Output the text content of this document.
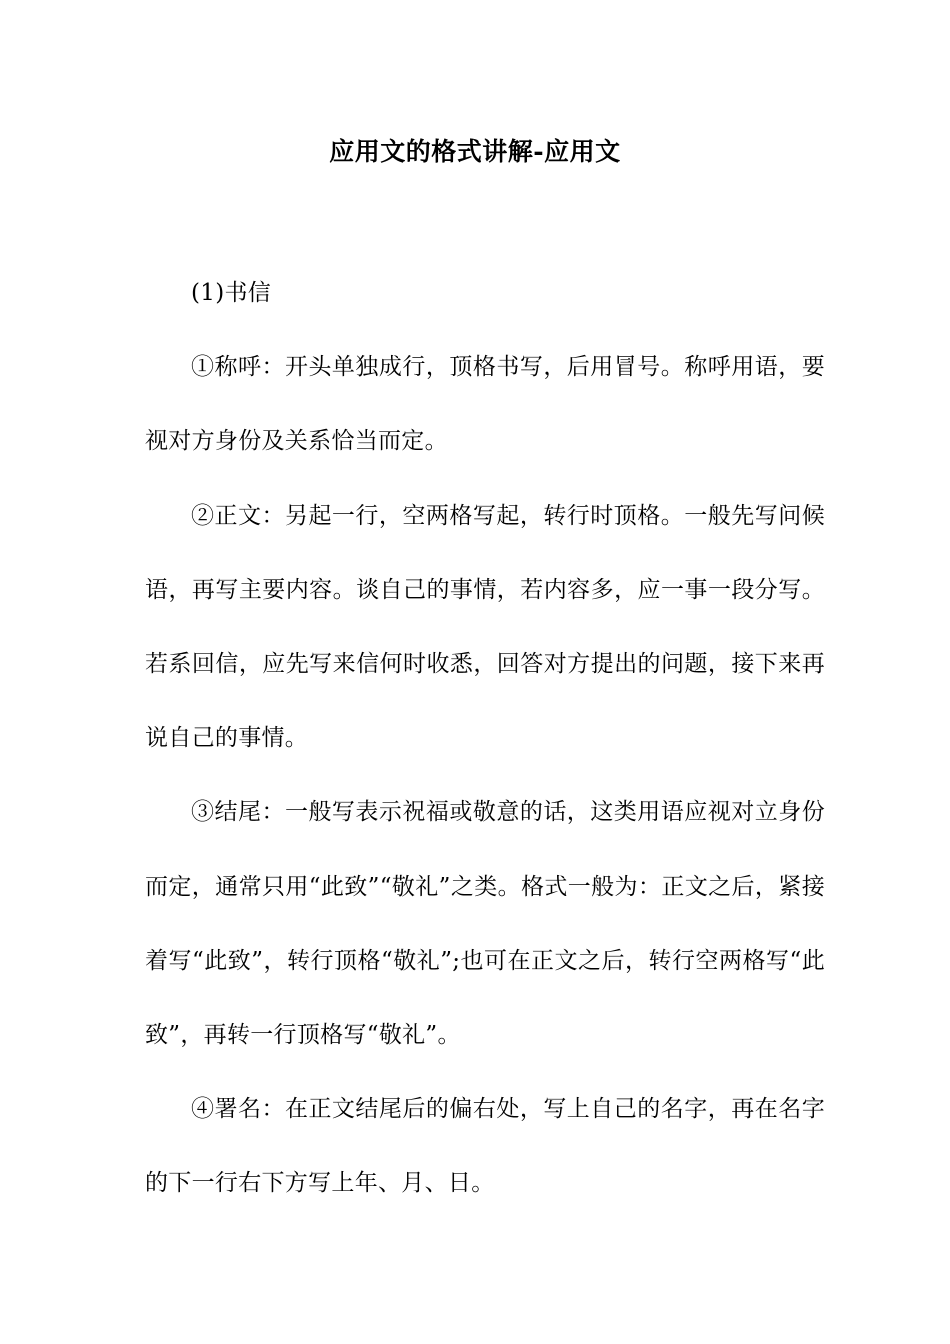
应用文的格式讲解-应用文

(1)书信

①称呼：开头单独成行，顶格书写，后用冒号。称呼用语，要视对方身份及关系恰当而定。

②正文：另起一行，空两格写起，转行时顶格。一般先写问候语，再写主要内容。谈自己的事情，若内容多，应一事一段分写。若系回信，应先写来信何时收悉，回答对方提出的问题，接下来再说自己的事情。

③结尾：一般写表示祝福或敬意的话，这类用语应视对立身份而定，通常只用“此致”“敬礼”之类。格式一般为：正文之后，紧接着写“此致”，转行顶格“敬礼”;也可在正文之后，转行空两格写“此致”，再转一行顶格写“敬礼”。

④署名：在正文结尾后的偏右处，写上自己的名字，再在名字的下一行右下方写上年、月、日。
